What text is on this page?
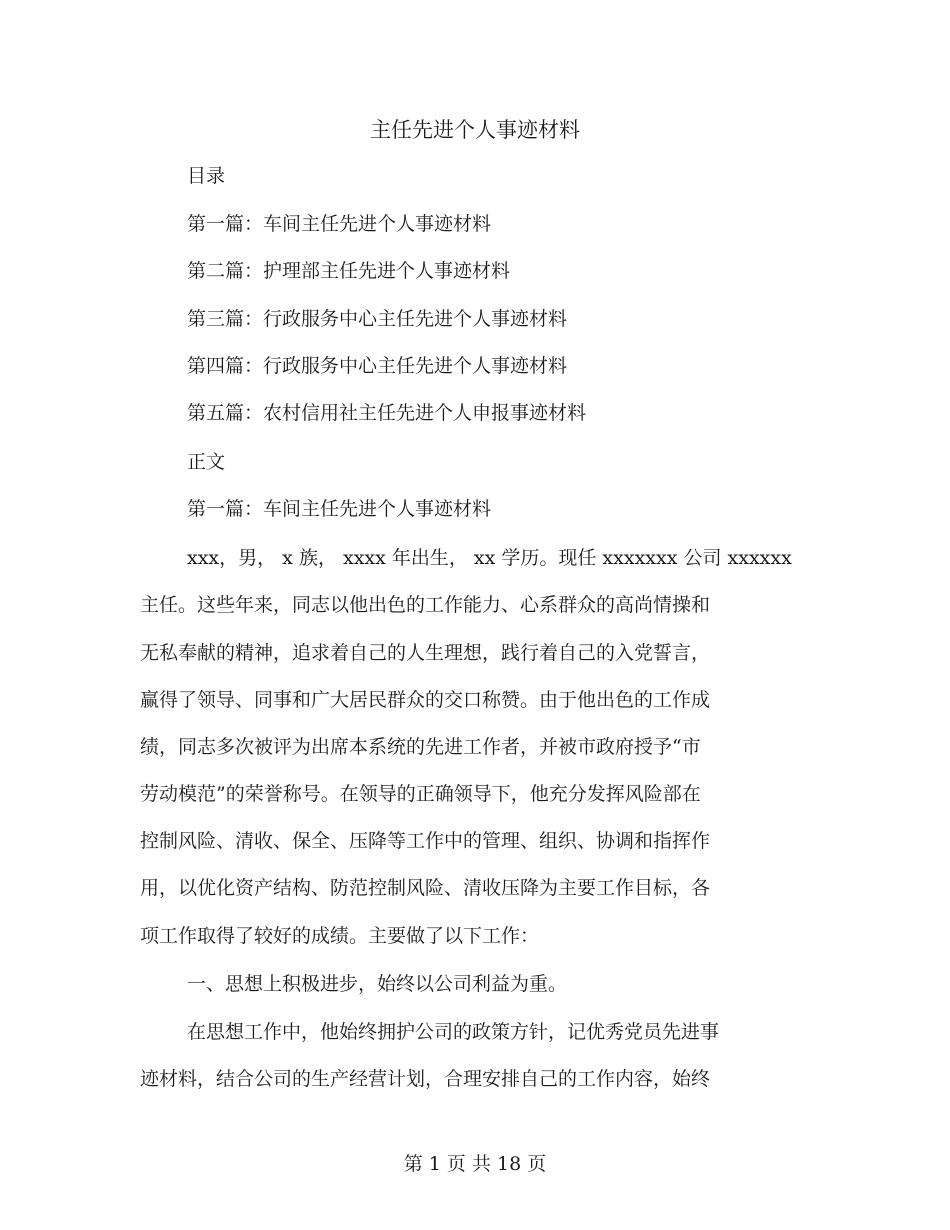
主任先进个人事迹材料
目录
第一篇：车间主任先进个人事迹材料
第二篇：护理部主任先进个人事迹材料
第三篇：行政服务中心主任先进个人事迹材料
第四篇：行政服务中心主任先进个人事迹材料
第五篇：农村信用社主任先进个人申报事迹材料
正文
第一篇：车间主任先进个人事迹材料
xxx，男， x 族， xxxx 年出生， xx 学历。现任 xxxxxxx 公司 xxxxxx
主任。这些年来，同志以他出色的工作能力、心系群众的高尚情操和
无私奉献的精神，追求着自己的人生理想，践行着自己的入党誓言，
赢得了领导、同事和广大居民群众的交口称赞。由于他出色的工作成
绩，同志多次被评为出席本系统的先进工作者，并被市政府授予“市
劳动模范”的荣誉称号。在领导的正确领导下，他充分发挥风险部在
控制风险、清收、保全、压降等工作中的管理、组织、协调和指挥作
用，以优化资产结构、防范控制风险、清收压降为主要工作目标，各
项工作取得了较好的成绩。主要做了以下工作：
一、思想上积极进步，始终以公司利益为重。
在思想工作中，他始终拥护公司的政策方针，记优秀党员先进事
迹材料，结合公司的生产经营计划，合理安排自己的工作内容，始终
第 1 页 共 18 页
